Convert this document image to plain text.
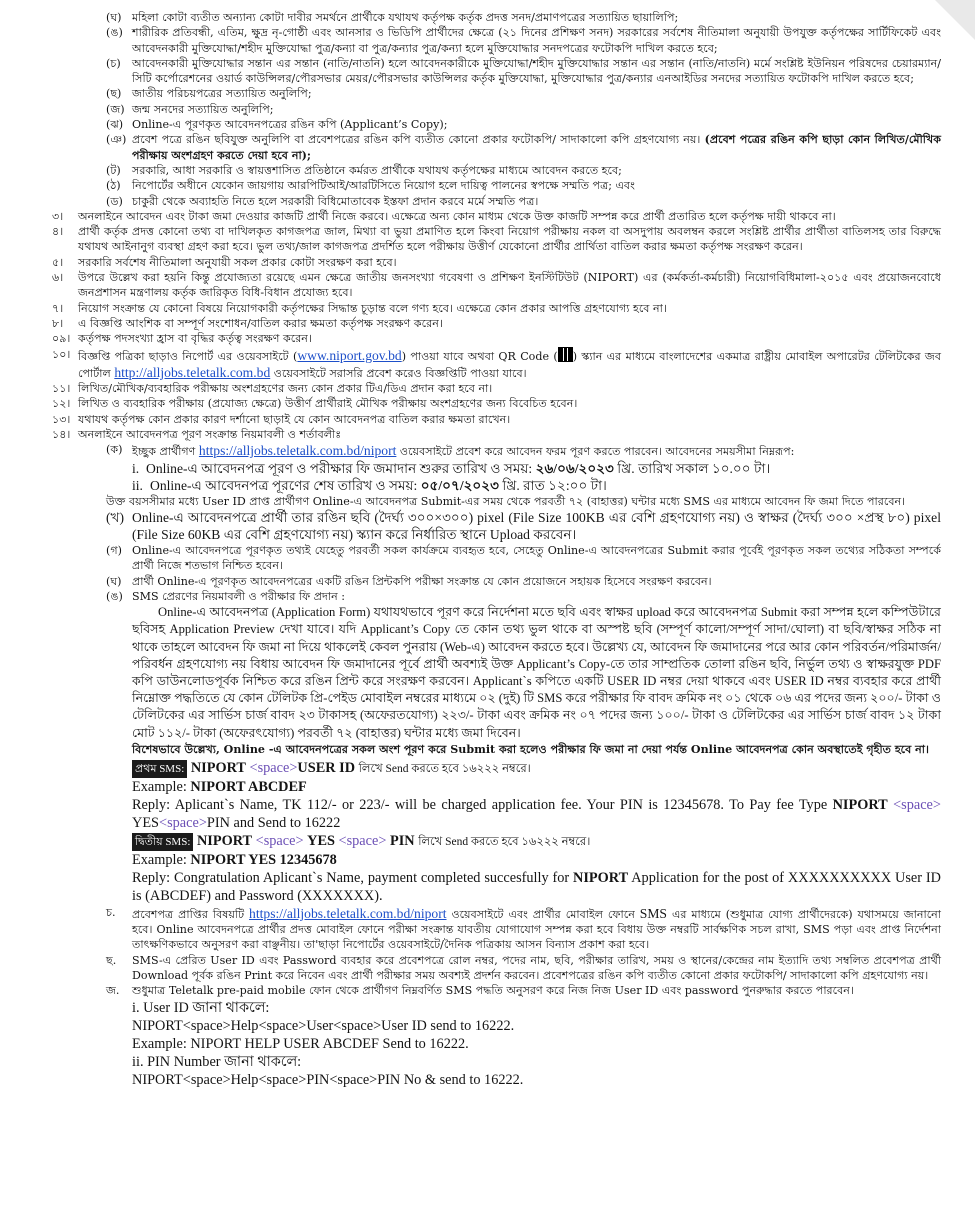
(ঘ) মহিলা কোটা ব্যতীত অন্যান্য কোটা দাবীর সমর্থনে প্রার্থীকে যথাযথ কর্তৃপক্ষ কর্তৃক প্রদত্ত সনদ/প্রমাণপত্রের সত্যায়িত ছায়ালিপি;
(ঙ) শারীরিক প্রতিবন্ধী, এতিম, ক্ষুদ্র নৃ-গোষ্ঠী এবং আনসার ও ভিডিপি প্রার্থীদের ক্ষেত্রে (২১ দিনের প্রশিক্ষণ সনদ) সরকারের সর্বশেষ নীতিমালা অনুযায়ী উপযুক্ত কর্তৃপক্ষের সার্টিফিকেট এবং আবেদনকারী মুক্তিযোদ্ধা/শহীদ মুক্তিযোদ্ধা পুত্র/কন্যা বা পুত্র/কন্যার পুত্র/কন্যা হলে মুক্তিযোদ্ধার সনদপত্রের ফটোকপি দাখিল করতে হবে;
(চ)	আবেদনকারী মুক্তিযোদ্ধার সন্তান এর সন্তান (নাতি/নাতনি) হলে আবেদনকারীকে মুক্তিযোদ্ধা/শহীদ মুক্তিযোদ্ধার সন্তান এর সন্তান (নাতি/নাতনি) মর্মে সংশ্লিষ্ট ইউনিয়ন পরিষদের চেয়ারম্যান/সিটি কর্পোরেশনের ওয়ার্ড কাউন্সিলর/পৌরসভার মেয়র/পৌরসভার কাউন্সিলর কর্তৃক মুক্তিযোদ্ধা, মুক্তিযোদ্ধার পুত্র/কন্যার এনআইডির সনদের সত্যায়িত ফটোকপি দাখিল করতে হবে;
(ছ) জাতীয় পরিচয়পত্রের সত্যায়িত অনুলিপি;
(জ) জন্ম সনদের সত্যায়িত অনুলিপি;
(ঝ) Online-এ পূরণকৃত আবেদনপত্রের রঙিন কপি (Applicant’s Copy);
(ঞ) প্রবেশ পত্রে রঙিন ছবিযুক্ত অনুলিপি বা প্রবেশপত্রের রঙিন কপি ব্যতীত কোনো প্রকার ফটোকপি/ সাদাকালো কপি গ্রহণযোগ্য নয়। (প্রবেশ পত্রের রঙিন কপি ছাড়া কোন লিখিত/মৌখিক পরীক্ষায় অংশগ্রহণ করতে দেয়া হবে না);
(ট)	সরকারি, আধা সরকারি ও স্বায়ত্তশাসিত প্রতিষ্ঠানে কর্মরত প্রার্থীকে যথাযথ কর্তৃপক্ষের মাধ্যমে আবেদন করতে হবে;
(ঠ)	নিপোর্টের অধীনে যেকোন জায়গায় আরপিটিআই/আরটিসিতে নিয়োগ হলে দায়িত্ব পালনের স্বপক্ষে সম্মতি পত্র; এবং
(ড) চাকুরী থেকে অব্যাহতি নিতে হলে সরকারী বিধিমোতাবেক ইস্তফা প্রদান করবে মর্মে সম্মতি পত্র।
৩।	অনলাইনে আবেদন এবং টাকা জমা দেওয়ার কাজটি প্রার্থী নিজে করবে। এক্ষেত্রে অন্য কোন মাধ্যম থেকে উক্ত কাজটি সম্পন্ন করে প্রার্থী প্রতারিত হলে কর্তৃপক্ষ দায়ী থাকবে না।
৪।	প্রার্থী কর্তৃক প্রদত্ত কোনো তথ্য বা দাখিলকৃত কাগজপত্র জাল, মিথ্যা বা ভুয়া প্রমাণিত হলে কিংবা নিয়োগ পরীক্ষায় নকল বা অসদুপায় অবলম্বন করলে সংশ্লিষ্ট প্রার্থীর প্রার্থীতা বাতিলসহ তার বিরুদ্ধে যথাযথ আইনানুগ ব্যবস্থা গ্রহণ করা হবে। ভুল তথ্য/জাল কাগজপত্র প্রদর্শিত হলে পরীক্ষায় উত্তীর্ণ যেকোনো প্রার্থীর প্রার্থিতা বাতিল করার ক্ষমতা কর্তৃপক্ষ সংরক্ষণ করেন।
৫।	সরকারি সর্বশেষ নীতিমালা অনুযায়ী সকল প্রকার কোটা সংরক্ষণ করা হবে।
৬।	উপরে উল্লেখ করা হয়নি কিন্তু প্রযোজ্যতা রয়েছে এমন ক্ষেত্রে জাতীয় জনসংখ্যা গবেষণা ও প্রশিক্ষণ ইনস্টিটিউট (NIPORT) এর (কর্মকর্তা-কর্মচারী) নিয়োগবিধিমালা-২০১৫ এবং প্রয়োজনবোধে জনপ্রশাসন মন্ত্রণালয় কর্তৃক জারিকৃত বিধি-বিধান প্রযোজ্য হবে।
৭।	নিয়োগ সংক্রান্ত যে কোনো বিষয়ে নিয়োগকারী কর্তৃপক্ষের সিদ্ধান্ত চূড়ান্ত বলে গণ্য হবে। এক্ষেত্রে কোন প্রকার আপত্তি গ্রহণযোগ্য হবে না।
৮।	এ বিজ্ঞপ্তি আংশিক বা সম্পূর্ণ সংশোধন/বাতিল করার ক্ষমতা কর্তৃপক্ষ সংরক্ষণ করেন।
০৯। কর্তৃপক্ষ পদসংখ্যা হ্রাস বা বৃদ্ধির কর্তৃত্ব সংরক্ষণ করেন।
১০। বিজ্ঞপ্তি পত্রিকা ছাড়াও নিপোর্ট এর ওয়েবসাইটে (www.niport.gov.bd) পাওয়া যাবে অথবা QR Code ( ) স্ক্যান এর মাধ্যমে বাংলাদেশের একমাত্র রাষ্ট্রীয় মোবাইল অপারেটর টেলিটকের জব পোর্টাল http://alljobs.teletalk.com.bd ওয়েবসাইটে সরাসরি প্রবেশ করেও বিজ্ঞপ্তিটি পাওয়া যাবে।
১১। লিখিত/মৌখিক/ব্যবহারিক পরীক্ষায় অংশগ্রহণের জন্য কোন প্রকার টিএ/ডিএ প্রদান করা হবে না।
১২। লিখিত ও ব্যবহারিক পরীক্ষায় (প্রযোজ্য ক্ষেত্রে) উত্তীর্ণ প্রার্থীরাই মৌখিক পরীক্ষায় অংশগ্রহণের জন্য বিবেচিত হবেন।
১৩। যথাযথ কর্তৃপক্ষ কোন প্রকার কারণ দর্শানো ছাড়াই যে কোন আবেদনপত্র বাতিল করার ক্ষমতা রাখেন।
১৪। অনলাইনে আবেদনপত্র পূরণ সংক্রান্ত নিয়মাবলী ও শর্তাবলীঃ
(ক) ইচ্ছুক প্রার্থীগণ https://alljobs.teletalk.com.bd/niport ওয়েবসাইটে প্রবেশ করে আবেদন ফরম পূরণ করতে পারবেন। আবেদনের সময়সীমা নিম্নরূপ:
i. Online-এ আবেদনপত্র পূরণ ও পরীক্ষার ফি জমাদান শুরুর তারিখ ও সময়: ২৬/০৬/২০২৩ খ্রি. তারিখ সকাল ১০.০০ টা।
ii. Online-এ আবেদনপত্র পূরণের শেষ তারিখ ও সময়: ০৫/০৭/২০২৩ খ্রি. রাত ১২:০০ টা।
উক্ত বয়সসীমার মধ্যে User ID প্রাপ্ত প্রার্থীগণ Online-এ আবেদনপত্র Submit-এর সময় থেকে পরবর্তী ৭২ (বাহাত্তর) ঘন্টার মধ্যে SMS এর মাধ্যমে আবেদন ফি জমা দিতে পারবেন।
(খ) Online-এ আবেদনপত্রে প্রার্থী তার রঙিন ছবি (দৈর্ঘ্য ৩০০×৩০০) pixel (File Size 100KB এর বেশি গ্রহণযোগ্য নয়) ও স্বাক্ষর (দৈর্ঘ্য ৩০০ ×প্রস্থ ৮০) pixel (File Size 60KB এর বেশি গ্রহণযোগ্য নয়) স্ক্যান করে নির্ধারিত স্থানে Upload করবেন।
(গ) Online-এ আবেদনপত্রে পূরণকৃত তথ্যই যেহেতু পরবর্তী সকল কার্যক্রমে ব্যবহৃত হবে, সেহেতু Online-এ আবেদনপত্রের Submit করার পূর্বেই পূরণকৃত সকল তথ্যের সঠিকতা সম্পর্কে প্রার্থী নিজে শতভাগ নিশ্চিত হবেন।
(ঘ) প্রার্থী Online-এ পূরণকৃত আবেদনপত্রের একটি রঙিন প্রিন্টকপি পরীক্ষা সংক্রান্ত যে কোন প্রয়োজনে সহায়ক হিসেবে সংরক্ষণ করবেন।
(ঙ) SMS প্রেরণের নিয়মাবলী ও পরীক্ষার ফি প্রদান :
Online-এ আবেদনপত্র (Application Form) যথাযথভাবে পূরণ করে নির্দেশনা মতে ছবি এবং স্বাক্ষর upload করে আবেদনপত্র Submit করা সম্পন্ন হলে কম্পিউটারে ছবিসহ Application Preview দেখা যাবে। যদি Applicant’s Copy তে কোন তথ্য ভুল থাকে বা অস্পষ্ট ছবি (সম্পূর্ণ কালো/সম্পূর্ণ সাদা/ঘোলা) বা ছবি/স্বাক্ষর সঠিক না থাকে তাহলে আবেদন ফি জমা না দিয়ে থাকলেই কেবল পুনরায় (Web-এ) আবেদন করতে হবে। উল্লেখ্য যে, আবেদন ফি জমাদানের পরে আর কোন পরিবর্তন/পরিমার্জন/পরিবর্ধন গ্রহণযোগ্য নয় বিধায় আবেদন ফি জমাদানের পূর্বে প্রার্থী অবশ্যই উক্ত Applicant’s Copy-তে তার সাম্প্রতিক তোলা রঙিন ছবি, নির্ভুল তথ্য ও স্বাক্ষরযুক্ত PDF কপি ডাউনলোডপূর্বক নিশ্চিত করে রঙিন প্রিন্ট করে সংরক্ষণ করবেন। Applicant`s কপিতে একটি USER ID নম্বর দেয়া থাকবে এবং USER ID নম্বর ব্যবহার করে প্রার্থী নিম্নোক্ত পদ্ধতিতে যে কোন টেলিটক প্রি-পেইড মোবাইল নম্বরের মাধ্যমে ০২ (দুই) টি SMS করে পরীক্ষার ফি বাবদ ক্রমিক নং ০১ থেকে ০৬ এর পদের জন্য ২০০/- টাকা ও টেলিটকের এর সার্ভিস চার্জ বাবদ ২৩ টাকাসহ (অফেরতযোগ্য) ২২৩/- টাকা এবং ক্রমিক নং ০৭ পদের জন্য ১০০/- টাকা ও টেলিটকের এর সার্ভিস চার্জ বাবদ ১২ টাকা মোট ১১২/- টাকা (অফেরৎযোগ্য) পরবর্তী ৭২ (বাহাত্তর) ঘন্টার মধ্যে জমা দিবেন।
বিশেষভাবে উল্লেখ্য, Online -এ আবেদনপত্রের সকল অংশ পূরণ করে Submit করা হলেও পরীক্ষার ফি জমা না দেয়া পর্যন্ত Online আবেদনপত্র কোন অবস্থাতেই গৃহীত হবে না।
প্রথম SMS: NIPORT <space>USER ID লিখে Send করতে হবে ১৬২২২ নম্বরে।
Example: NIPORT ABCDEF
Reply: Aplicant`s Name, TK 112/- or 223/- will be charged application fee. Your PIN is 12345678. To Pay fee Type NIPORT <space> YES<space>PIN and Send to 16222
দ্বিতীয় SMS: NIPORT <space> YES <space> PIN লিখে Send করতে হবে ১৬২২২ নম্বরে।
Example: NIPORT YES 12345678
Reply: Congratulation Aplicant`s Name, payment completed succesfully for NIPORT Application for the post of XXXXXXXXXX User ID is (ABCDEF) and Password (XXXXXXX).
চ.	প্রবেশপত্র প্রাপ্তির বিষয়টি https://alljobs.teletalk.com.bd/niport ওয়েবসাইটে এবং প্রার্থীর মোবাইল ফোনে SMS এর মাধ্যমে (শুধুমাত্র যোগ্য প্রার্থীদেরকে) যথাসময়ে জানানো হবে। Online আবেদনপত্রে প্রার্থীর প্রদত্ত মোবাইল ফোনে পরীক্ষা সংক্রান্ত যাবতীয় যোগাযোগ সম্পন্ন করা হবে বিধায় উক্ত নম্বরটি সার্বক্ষণিক সচল রাখা, SMS পড়া এবং প্রাপ্ত নির্দেশনা তাৎক্ষণিকভাবে অনুসরণ করা বাঞ্ছনীয়। তা'ছাড়া নিপোর্টের ওয়েবসাইটে/দৈনিক পত্রিকায় আসন বিন্যাস প্রকাশ করা হবে।
ছ.	SMS-এ প্রেরিত User ID এবং Password ব্যবহার করে প্রবেশপত্রে রোল নম্বর, পদের নাম, ছবি, পরীক্ষার তারিখ, সময় ও স্থানের/কেন্দ্রের নাম ইত্যাদি তথ্য সম্বলিত প্রবেশপত্র প্রার্থী Download পূর্বক রঙিন Print করে নিবেন এবং প্রার্থী পরীক্ষার সময় অবশ্যই প্রদর্শন করবেন। প্রবেশপত্রের রঙিন কপি ব্যতীত কোনো প্রকার ফটোকপি/ সাদাকালো কপি গ্রহণযোগ্য নয়।
জ.	শুধুমাত্র Teletalk pre-paid mobile ফোন থেকে প্রার্থীগণ নিম্নবর্ণিত SMS পদ্ধতি অনুসরণ করে নিজ নিজ User ID এবং password পুনরুদ্ধার করতে পারবেন।
i. User ID জানা থাকলে:
NIPORT<space>Help<space>User<space>User ID send to 16222.
Example: NIPORT HELP USER ABCDEF Send to 16222.
ii. PIN Number জানা থাকলে:
NIPORT<space>Help<space>PIN<space>PIN No & send to 16222.
